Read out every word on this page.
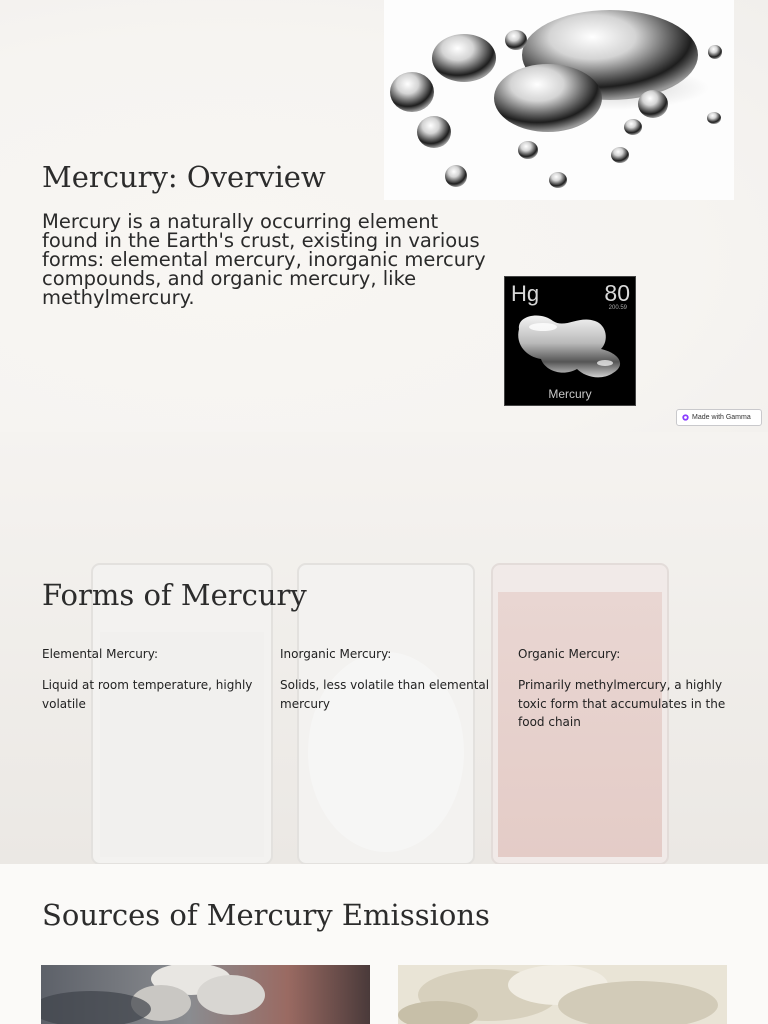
Mercury: Overview

Mercury is a naturally occurring element found in the Earth's crust, existing in various forms: elemental mercury, inorganic mercury compounds, and organic mercury, like methylmercury.	Hg	80
200.59
Mercury
Made with Gamma
Forms of Mercury
Elemental Mercury:

Liquid at room temperature, highly volatile

Inorganic Mercury:

Solids, less volatile than elemental mercury

Organic Mercury:

Primarily methylmercury, a highly toxic form that accumulates in the food chain

Sources of Mercury Emissions
